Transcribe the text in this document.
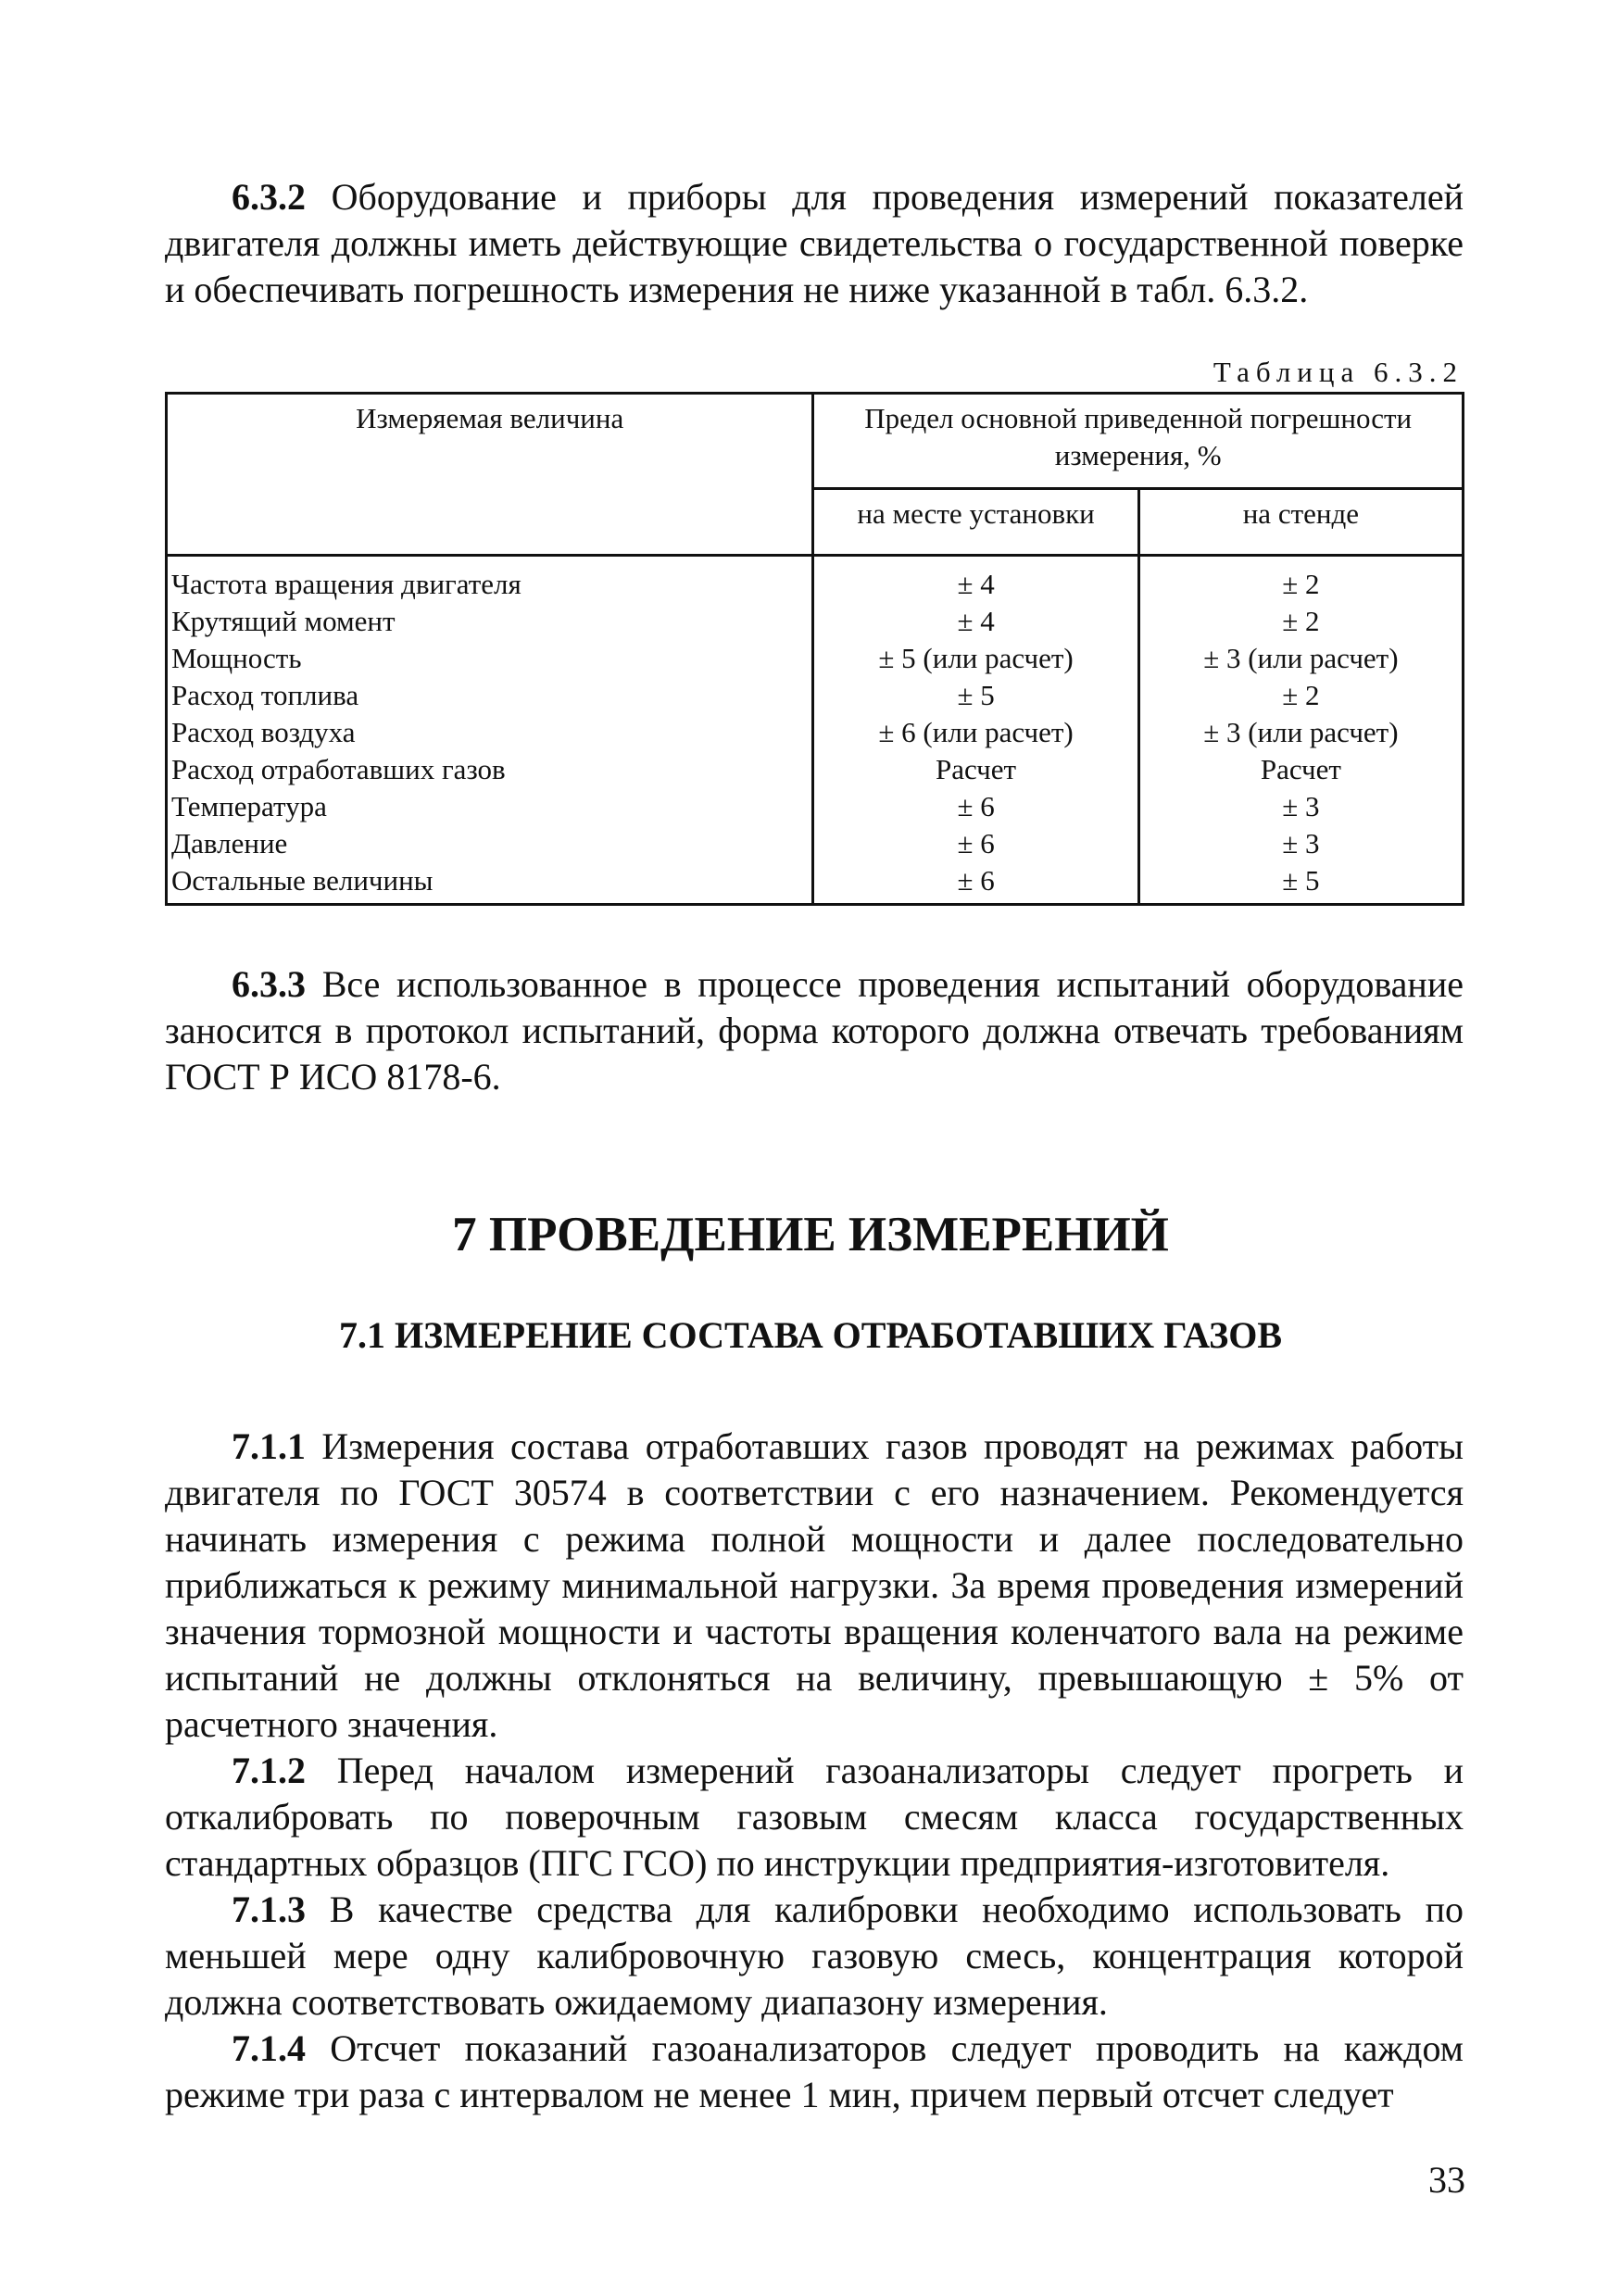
6.3.2 Оборудование и приборы для проведения измерений показателей двигателя должны иметь действующие свидетельства о государственной поверке и обеспечивать погрешность измерения не ниже указанной в табл. 6.3.2.

Таблица 6.3.2
Измеряемая величина	Предел основной приведенной погрешности измерения, %	
	на месте установки	на стенде
Частота вращения двигателя	± 4	± 2
Крутящий момент	± 4	± 2
Мощность	± 5 (или расчет)	± 3 (или расчет)
Расход топлива	± 5	± 2
Расход воздуха	± 6 (или расчет)	± 3 (или расчет)
Расход отработавших газов	Расчет	Расчет
Температура	± 6	± 3
Давление	± 6	± 3
Остальные величины	± 6	± 5

6.3.3 Все использованное в процессе проведения испытаний оборудование заносится в протокол испытаний, форма которого должна отвечать требованиям ГОСТ Р ИСО 8178-6.

7 ПРОВЕДЕНИЕ ИЗМЕРЕНИЙ
7.1 ИЗМЕРЕНИЕ СОСТАВА ОТРАБОТАВШИХ ГАЗОВ

7.1.1 Измерения состава отработавших газов проводят на режимах работы двигателя по ГОСТ 30574 в соответствии с его назначением. Рекомендуется начинать измерения с режима полной мощности и далее последовательно приближаться к режиму минимальной нагрузки. За время проведения измерений значения тормозной мощности и частоты вращения коленчатого вала на режиме испытаний не должны отклоняться на величину, превышающую ± 5% от расчетного значения.

7.1.2 Перед началом измерений газоанализаторы следует прогреть и откалибровать по поверочным газовым смесям класса государственных стандартных образцов (ПГС ГСО) по инструкции предприятия-изготовителя.

7.1.3 В качестве средства для калибровки необходимо использовать по меньшей мере одну калибровочную газовую смесь, концентрация которой должна соответствовать ожидаемому диапазону измерения.

7.1.4 Отсчет показаний газоанализаторов следует проводить на каждом режиме три раза с интервалом не менее 1 мин, причем первый отсчет следует

33
